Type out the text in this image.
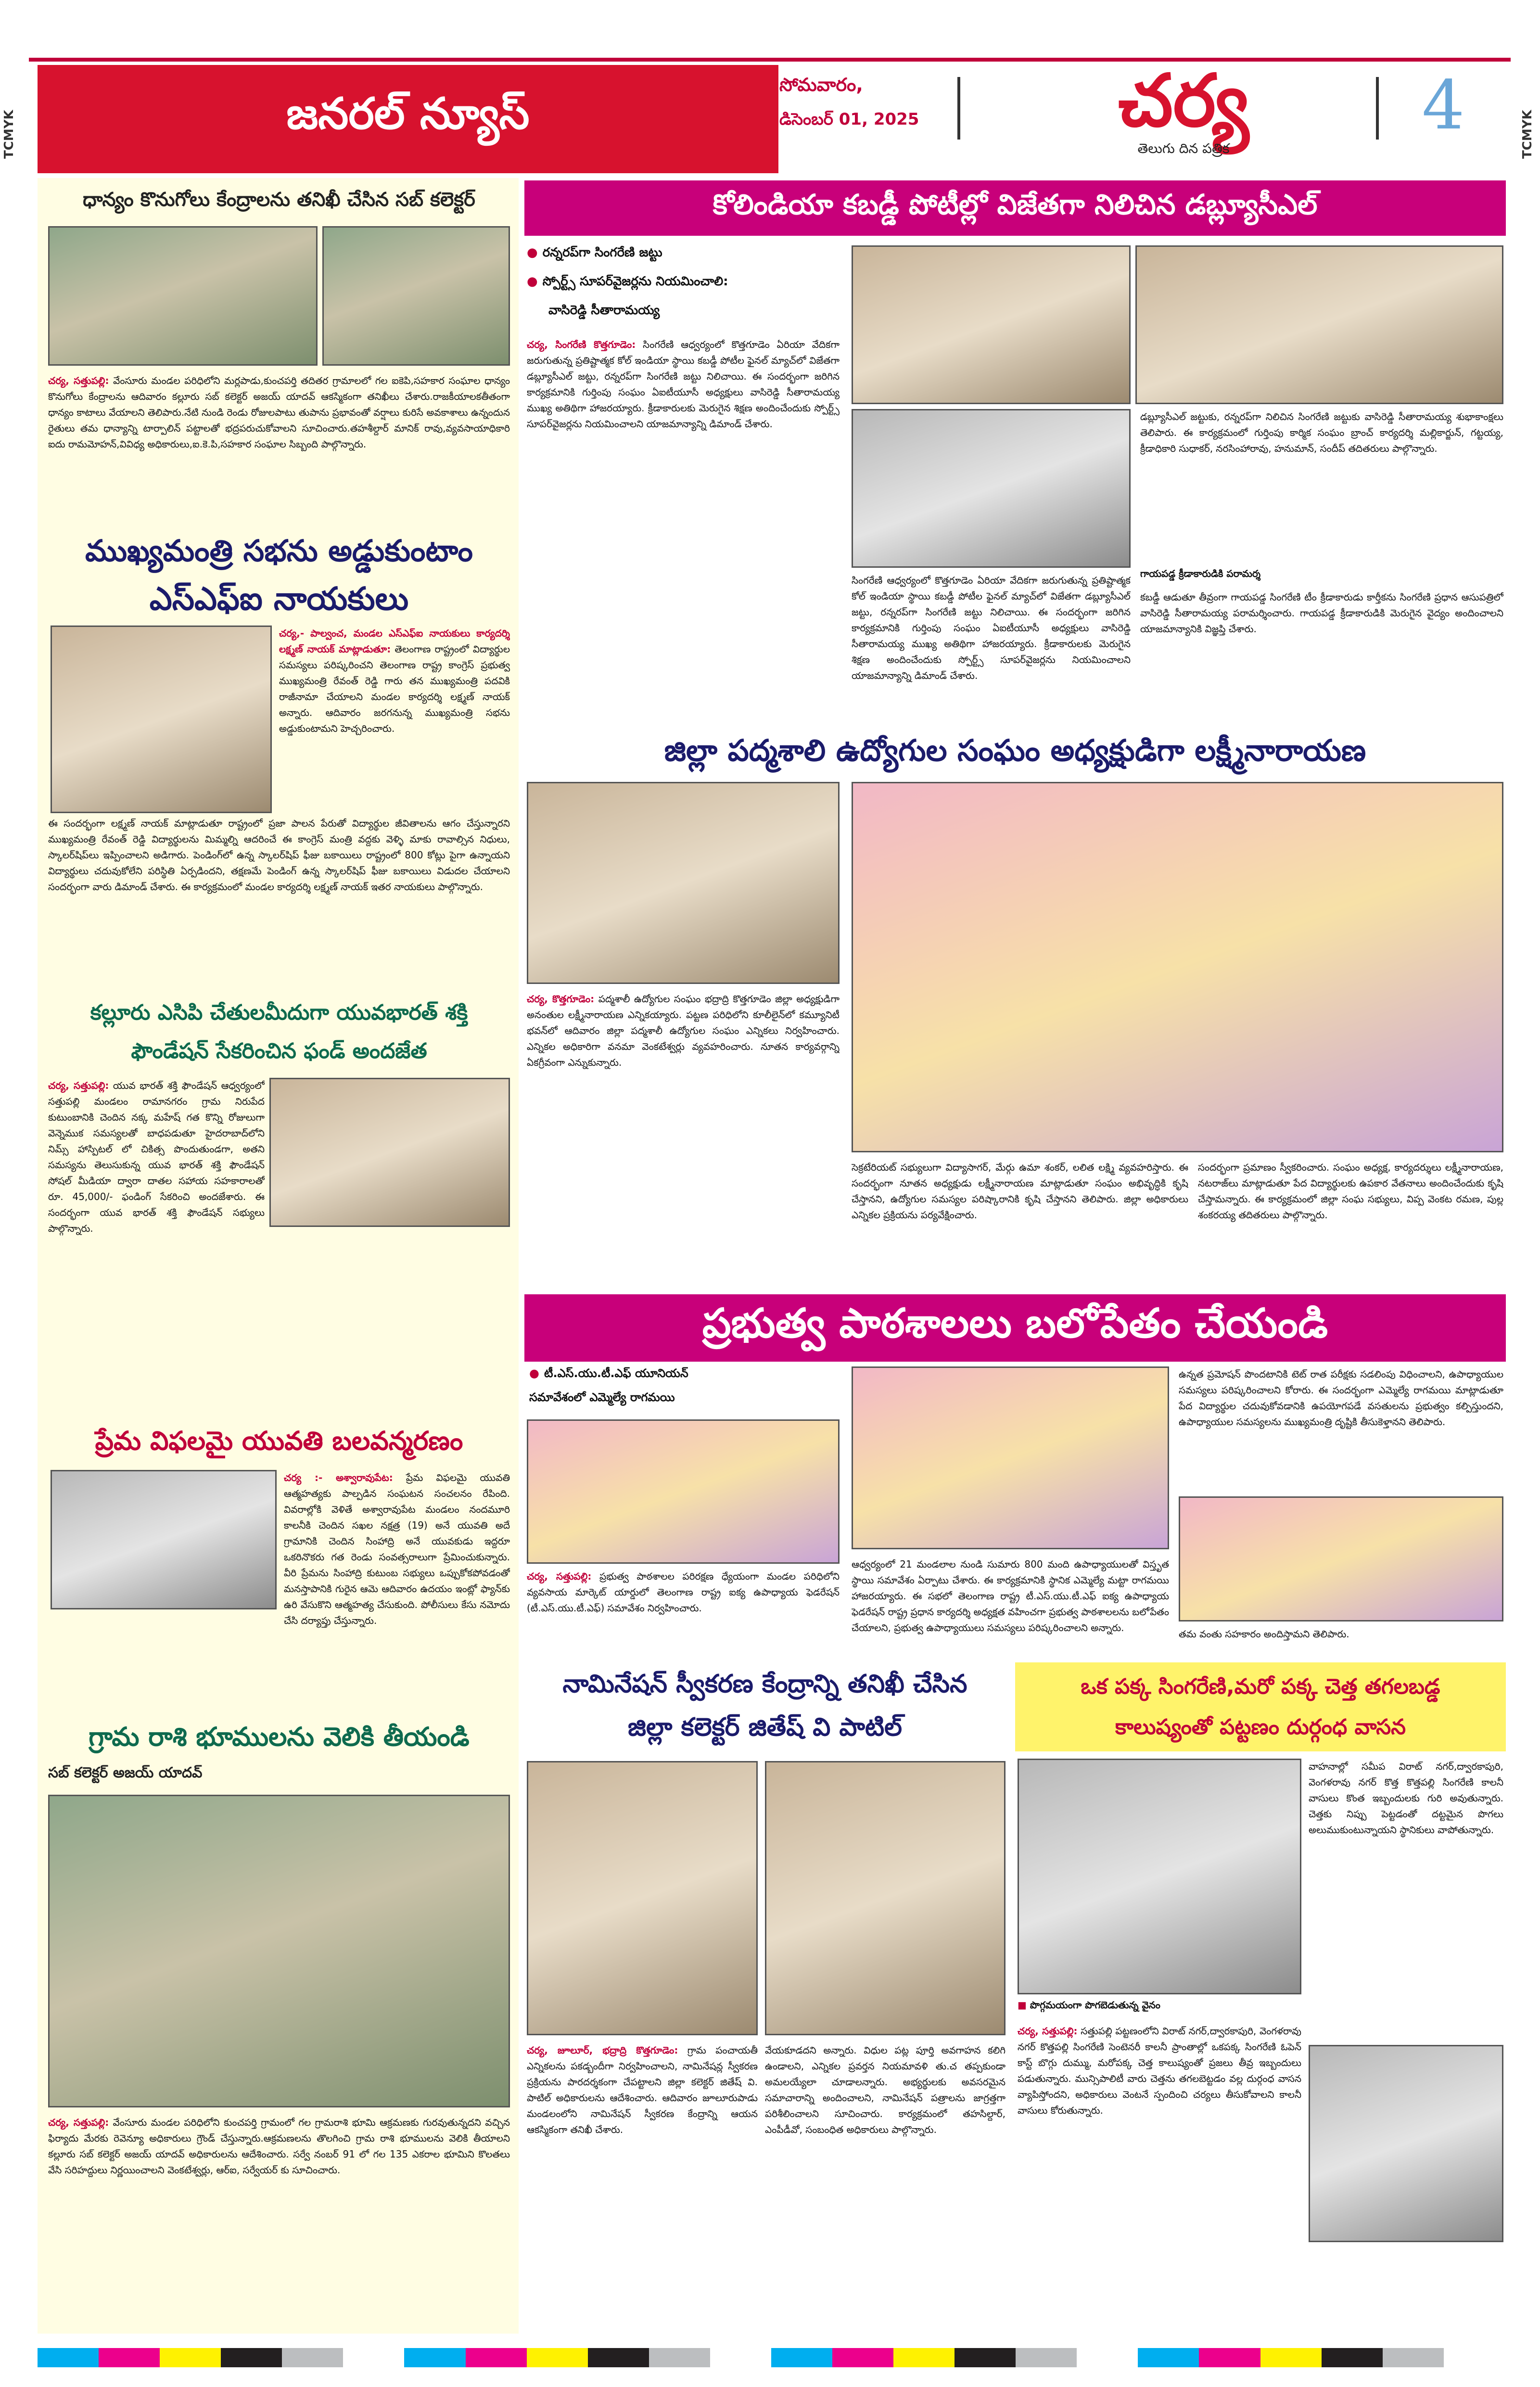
TCMYK	TCMYK
జనరల్ న్యూస్
సోమవారం,
డిసెంబర్ 01, 2025	చర్య
తెలుగు దిన పత్రిక
4
ధాన్యం కొనుగోలు కేంద్రాలను తనిఖీ చేసిన సబ్ కలెక్టర్
చర్య, సత్తుపల్లి: వేంసూరు మండల పరిధిలోని మర్లపాడు,కుంచపర్తి తదితర గ్రామాలలో గల ఐకెపి,సహకార సంఘాల ధాన్యం కొనుగోలు కేంద్రాలను ఆదివారం కల్లూరు సబ్ కలెక్టర్ అజయ్ యాదవ్ ఆకస్మికంగా తనిఖీలు చేశారు.రాజకీయాలకతీతంగా ధాన్యం కాటాలు వేయాలని తెలిపారు.నేటి నుండి రెండు రోజులపాటు తుపాను ప్రభావంతో వర్షాలు కురిసే అవకాశాలు ఉన్నందున రైతులు తమ ధాన్యాన్ని టార్పాలిన్ పట్టాలతో భద్రపరుచుకోవాలని సూచించారు.తహశీల్దార్ మానిక్ రావు,వ్యవసాయాధికారి ఐదు రామమోహన్,వివిధ్య అధికారులు,ఐ.కె.పి,సహకార సంఘాల సిబ్బంది పాల్గొన్నారు.
ముఖ్యమంత్రి సభను అడ్డుకుంటాం
ఎస్ఎఫ్ఐ నాయకులు
చర్య,- పాల్వంచ, మండల ఎస్ఎఫ్ఐ నాయకులు కార్యదర్శి లక్ష్మణ్ నాయక్ మాట్లాడుతూ: తెలంగాణ రాష్ట్రంలో విద్యార్థుల సమస్యలు పరిష్కరించని తెలంగాణ రాష్ట్ర కాంగ్రెస్ ప్రభుత్వ ముఖ్యమంత్రి రేవంత్ రెడ్డి గారు తన ముఖ్యమంత్రి పదవికి రాజీనామా చేయాలని మండల కార్యదర్శి లక్ష్మణ్ నాయక్ అన్నారు. ఆదివారం జరగనున్న ముఖ్యమంత్రి సభను అడ్డుకుంటామని హెచ్చరించారు.
ఈ సందర్భంగా లక్ష్మణ్ నాయక్ మాట్లాడుతూ రాష్ట్రంలో ప్రజా పాలన పేరుతో విద్యార్థుల జీవితాలను ఆగం చేస్తున్నారని ముఖ్యమంత్రి రేవంత్ రెడ్డి విద్యార్థులను మిమ్మల్ని ఆదరించే ఈ కాంగ్రెస్ మంత్రి వద్దకు వెళ్ళి మాకు రావాల్సిన నిధులు, స్కాలర్‌షిప్‌లు ఇప్పించాలని అడిగారు. పెండింగ్‌లో ఉన్న స్కాలర్‌షిప్ ఫీజు బకాయిలు రాష్ట్రంలో 800 కోట్లు పైగా ఉన్నాయని విద్యార్థులు చదువుకోలేని పరిస్థితి ఏర్పడిందని, తక్షణమే పెండింగ్ ఉన్న స్కాలర్‌షిప్ ఫీజు బకాయిలు విడుదల చేయాలని సందర్భంగా వారు డిమాండ్ చేశారు. ఈ కార్యక్రమంలో మండల కార్యదర్శి లక్ష్మణ్ నాయక్ ఇతర నాయకులు పాల్గొన్నారు.
కల్లూరు ఎసిపి చేతులమీదుగా యువభారత్ శక్తి
ఫౌండేషన్ సేకరించిన ఫండ్ అందజేత
చర్య, సత్తుపల్లి: యువ భారత్ శక్తి ఫౌండేషన్ ఆధ్వర్యంలో సత్తుపల్లి మండలం రామానగరం గ్రామ నిరుపేద కుటుంబానికి చెందిన నక్క మహేష్ గత కొన్ని రోజులుగా వెన్నెముక సమస్యలతో బాధపడుతూ హైదరాబాద్‌లోని నిమ్స్ హాస్పిటల్ లో చికిత్స పొందుతుండగా, అతని సమస్యను తెలుసుకున్న యువ భారత్ శక్తి ఫౌండేషన్ సోషల్ మీడియా ద్వారా దాతల సహాయ సహకారాలతో రూ. 45,000/- ఫండింగ్ సేకరించి అందజేశారు. ఈ సందర్భంగా యువ భారత్ శక్తి ఫౌండేషన్ సభ్యులు పాల్గొన్నారు.
ప్రేమ విఫలమై యువతి బలవన్మరణం
చర్య :- అశ్వారావుపేట: ప్రేమ విఫలమై యువతి ఆత్మహత్యకు పాల్పడిన సంఘటన సంచలనం రేపింది. వివరాల్లోకి వెళితే అశ్వారావుపేట మండలం నందమూరి కాలనీకి చెందిన సఖల నక్షత్ర (19) అనే యువతి అదే గ్రామానికి చెందిన సింహాద్రి అనే యువకుడు ఇద్దరూ ఒకరినొకరు గత రెండు సంవత్సరాలుగా ప్రేమించుకున్నారు. వీరి ప్రేమను సింహాద్రి కుటుంబ సభ్యులు ఒప్పుకోకపోవడంతో మనస్తాపానికి గురైన ఆమె ఆదివారం ఉదయం ఇంట్లో ఫ్యాన్‌కు ఉరి వేసుకొని ఆత్మహత్య చేసుకుంది. పోలీసులు కేసు నమోదు చేసి దర్యాప్తు చేస్తున్నారు.
గ్రామ రాశి భూములను వెలికి తీయండి
సబ్ కలెక్టర్ అజయ్ యాదవ్
చర్య, సత్తుపల్లి: వేంసూరు మండల పరిధిలోని కుంచపర్తి గ్రామంలో గల గ్రామరాశి భూమి ఆక్రమణకు గురవుతున్నదని వచ్చిన ఫిర్యాదు మేరకు రెవెన్యూ అధికారులు గ్రౌండ్ చేస్తున్నారు.ఆక్రమణలను తొలగించి గ్రామ రాశి భూములను వెలికి తీయాలని కల్లూరు సబ్ కలెక్టర్ అజయ్ యాదవ్ అధికారులను ఆదేశించారు. సర్వే నంబర్ 91 లో గల 135 ఎకరాల భూమిని కొలతలు వేసి సరిహద్దులు నిర్ణయించాలని వెంకటేశ్వర్లు, ఆర్ఐ, సర్వేయర్ కు సూచించారు.
కోలిండియా కబడ్డీ పోటీల్లో విజేతగా నిలిచిన డబ్ల్యూసీఎల్
● రన్నరప్‌గా సింగరేణి జట్టు
● స్పోర్ట్స్ సూపర్‌వైజర్లను నియమించాలి:
వాసిరెడ్డి సీతారామయ్య
చర్య, సింగరేణి కొత్తగూడెం: సింగరేణి ఆధ్వర్యంలో కొత్తగూడెం ఏరియా వేదికగా జరుగుతున్న ప్రతిష్టాత్మక కోల్ ఇండియా స్థాయి కబడ్డీ పోటీల ఫైనల్ మ్యాచ్‌లో విజేతగా డబ్ల్యూసీఎల్ జట్టు, రన్నరప్‌గా సింగరేణి జట్టు నిలిచాయి. ఈ సందర్భంగా జరిగిన కార్యక్రమానికి గుర్తింపు సంఘం ఏఐటీయూసీ అధ్యక్షులు వాసిరెడ్డి సీతారామయ్య ముఖ్య అతిథిగా హాజరయ్యారు. క్రీడాకారులకు మెరుగైన శిక్షణ అందించేందుకు స్పోర్ట్స్ సూపర్‌వైజర్లను నియమించాలని యాజమాన్యాన్ని డిమాండ్ చేశారు.
సింగరేణి ఆధ్వర్యంలో కొత్తగూడెం ఏరియా వేదికగా జరుగుతున్న ప్రతిష్టాత్మక కోల్ ఇండియా స్థాయి కబడ్డీ పోటీల ఫైనల్ మ్యాచ్‌లో విజేతగా డబ్ల్యూసీఎల్ జట్టు, రన్నరప్‌గా సింగరేణి జట్టు నిలిచాయి. ఈ సందర్భంగా జరిగిన కార్యక్రమానికి గుర్తింపు సంఘం ఏఐటీయూసీ అధ్యక్షులు వాసిరెడ్డి సీతారామయ్య ముఖ్య అతిథిగా హాజరయ్యారు. క్రీడాకారులకు మెరుగైన శిక్షణ అందించేందుకు స్పోర్ట్స్ సూపర్‌వైజర్లను నియమించాలని యాజమాన్యాన్ని డిమాండ్ చేశారు.
డబ్ల్యూసీఎల్ జట్టుకు, రన్నరప్‌గా నిలిచిన సింగరేణి జట్టుకు వాసిరెడ్డి సీతారామయ్య శుభాకాంక్షలు తెలిపారు. ఈ కార్యక్రమంలో గుర్తింపు కార్మిక సంఘం బ్రాంచ్ కార్యదర్శి మల్లికార్జున్, గట్టయ్య, క్రీడాధికారి సుధాకర్, నరసింహారావు, హనుమాన్, సందీప్ తదితరులు పాల్గొన్నారు.
గాయపడ్డ క్రీడాకారుడికి పరామర్శ
కబడ్డీ ఆడుతూ తీవ్రంగా గాయపడ్డ సింగరేణి టీం క్రీడాకారుడు కార్తీకను సింగరేణి ప్రధాన ఆసుపత్రిలో వాసిరెడ్డి సీతారామయ్య పరామర్శించారు. గాయపడ్డ క్రీడాకారుడికి మెరుగైన వైద్యం అందించాలని యాజమాన్యానికి విజ్ఞప్తి చేశారు.
జిల్లా పద్మశాలి ఉద్యోగుల సంఘం అధ్యక్షుడిగా లక్ష్మీనారాయణ
చర్య, కొత్తగూడెం: పద్మశాలీ ఉద్యోగుల సంఘం భద్రాద్రి కొత్తగూడెం జిల్లా అధ్యక్షుడిగా అనంతుల లక్ష్మీనారాయణ ఎన్నికయ్యారు. పట్టణ పరిధిలోని కూలీలైన్‌లో కమ్యూనిటీ భవన్‌లో ఆదివారం జిల్లా పద్మశాలీ ఉద్యోగుల సంఘం ఎన్నికలు నిర్వహించారు. ఎన్నికల అధికారిగా వనమా వెంకటేశ్వర్లు వ్యవహరించారు. నూతన కార్యవర్గాన్ని ఏకగ్రీవంగా ఎన్నుకున్నారు.
సెక్రటేరియట్ సభ్యులుగా విద్యాసాగర్, మేర్గు ఉమా శంకర్, లలిత లక్ష్మి వ్యవహరిస్తారు. ఈ సందర్భంగా నూతన అధ్యక్షుడు లక్ష్మీనారాయణ మాట్లాడుతూ సంఘం అభివృద్ధికి కృషి చేస్తానని, ఉద్యోగుల సమస్యల పరిష్కారానికి కృషి చేస్తానని తెలిపారు. జిల్లా అధికారులు ఎన్నికల ప్రక్రియను పర్యవేక్షించారు.
సందర్భంగా ప్రమాణం స్వీకరించారు. సంఘం అధ్యక్ష, కార్యదర్శులు లక్ష్మీనారాయణ, నటరాజ్‌లు మాట్లాడుతూ పేద విద్యార్థులకు ఉపకార వేతనాలు అందించేందుకు కృషి చేస్తామన్నారు. ఈ కార్యక్రమంలో జిల్లా సంఘ సభ్యులు, విప్ప వెంకట రమణ, పుల్ల శంకరయ్య తదితరులు పాల్గొన్నారు.
ప్రభుత్వ పాఠశాలలు బలోపేతం చేయండి
● టీ.ఎస్.యు.టీ.ఎఫ్ యూనియన్
సమావేశంలో ఎమ్మెల్యే రాగమయి
చర్య, సత్తుపల్లి: ప్రభుత్వ పాఠశాలల పరిరక్షణ ధ్యేయంగా మండల పరిధిలోని వ్యవసాయ మార్కెట్ యార్డులో తెలంగాణ రాష్ట్ర ఐక్య ఉపాధ్యాయ ఫెడరేషన్ (టీ.ఎస్.యు.టీ.ఎఫ్) సమావేశం నిర్వహించారు.
ఆధ్వర్యంలో 21 మండలాల నుండి సుమారు 800 మంది ఉపాధ్యాయులతో విస్తృత స్థాయి సమావేశం ఏర్పాటు చేశారు. ఈ కార్యక్రమానికి స్థానిక ఎమ్మెల్యే మట్టా రాగమయి హాజరయ్యారు. ఈ సభలో తెలంగాణ రాష్ట్ర టీ.ఎస్.యు.టీ.ఎఫ్ ఐక్య ఉపాధ్యాయ ఫెడరేషన్ రాష్ట్ర ప్రధాన కార్యదర్శి అధ్యక్షత వహించగా ప్రభుత్వ పాఠశాలలను బలోపేతం చేయాలని, ప్రభుత్వ ఉపాధ్యాయులు సమస్యలు పరిష్కరించాలని అన్నారు.
ఉన్నత ప్రమోషన్ పొందటానికి టెట్ రాత పరీక్షకు సడలింపు విధించాలని, ఉపాధ్యాయుల సమస్యలు పరిష్కరించాలని కోరారు. ఈ సందర్భంగా ఎమ్మెల్యే రాగమయి మాట్లాడుతూ పేద విద్యార్థుల చదువుకోవడానికి ఉపయోగపడే వసతులను ప్రభుత్వం కల్పిస్తుందని, ఉపాధ్యాయుల సమస్యలను ముఖ్యమంత్రి దృష్టికి తీసుకెళ్తానని తెలిపారు.
తమ వంతు సహకారం అందిస్తామని తెలిపారు.
నామినేషన్ స్వీకరణ కేంద్రాన్ని తనిఖీ చేసిన
జిల్లా కలెక్టర్ జితేష్ వి పాటిల్
చర్య, జూలూర్, భద్రాద్రి కొత్తగూడెం: గ్రామ పంచాయతీ ఎన్నికలను పకడ్బందీగా నిర్వహించాలని, నామినేషన్ల స్వీకరణ ప్రక్రియను పారదర్శకంగా చేపట్టాలని జిల్లా కలెక్టర్ జితేష్ వి. పాటిల్ అధికారులను ఆదేశించారు. ఆదివారం జూలూరుపాడు మండలంలోని నామినేషన్ స్వీకరణ కేంద్రాన్ని ఆయన ఆకస్మికంగా తనిఖీ చేశారు.
వేయకూడదని అన్నారు. విధుల పట్ల పూర్తి అవగాహన కలిగి ఉండాలని, ఎన్నికల ప్రవర్తన నియమావళి తు.చ తప్పకుండా అమలయ్యేలా చూడాలన్నారు. అభ్యర్థులకు అవసరమైన సమాచారాన్ని అందించాలని, నామినేషన్ పత్రాలను జాగ్రత్తగా పరిశీలించాలని సూచించారు. కార్యక్రమంలో తహసిల్దార్, ఎంపీడీవో, సంబంధిత అధికారులు పాల్గొన్నారు.
ఒక పక్క సింగరేణి,మరో పక్క చెత్త తగలబడ్డ
కాలుష్యంతో పట్టణం దుర్గంధ వాసన
వాహనాల్లో సమీప విరాట్ నగర్,ద్వారకాపురి, వెంగళరావు నగర్ కొత్త కొత్తపల్లి సింగరేణి కాలనీ వాసులు కొంత ఇబ్బందులకు గురి అవుతున్నారు. చెత్తకు నిప్పు పెట్టడంతో దట్టమైన పొగలు అలుముకుంటున్నాయని స్థానికులు వాపోతున్నారు.
■ పొగ్గమయంగా పొగబెడుతున్న వైనం
చర్య, సత్తుపల్లి: సత్తుపల్లి పట్టణంలోని విరాట్ నగర్,ద్వారకాపురి, వెంగళరావు నగర్ కొత్తపల్లి సింగరేణి సెంటెనరీ కాలనీ ప్రాంతాల్లో ఒకపక్క సింగరేణి ఓపెన్ కాస్ట్ బొగ్గు దుమ్ము, మరోపక్క చెత్త కాలుష్యంతో ప్రజలు తీవ్ర ఇబ్బందులు పడుతున్నారు. మున్సిపాలిటీ వారు చెత్తను తగలబెట్టడం వల్ల దుర్గంధ వాసన వ్యాపిస్తోందని, అధికారులు వెంటనే స్పందించి చర్యలు తీసుకోవాలని కాలనీ వాసులు కోరుతున్నారు.
